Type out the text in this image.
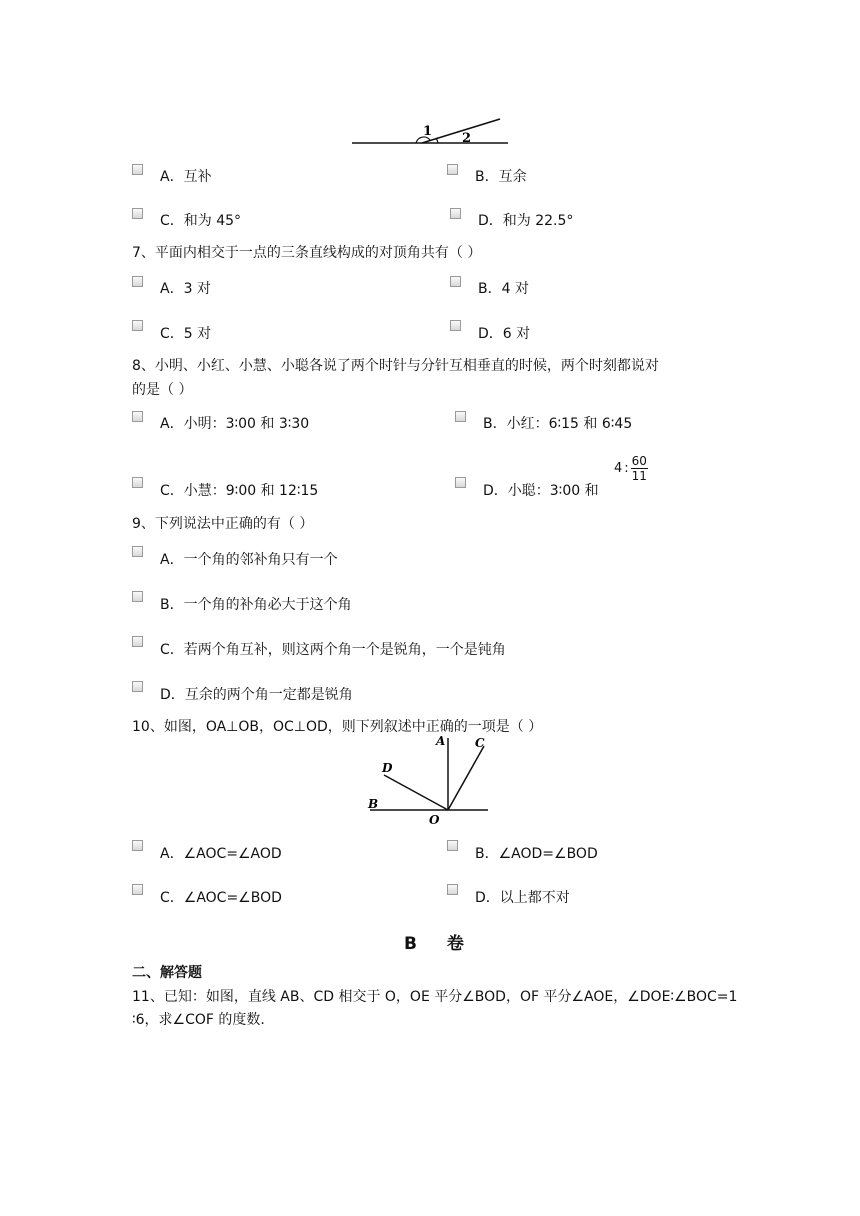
1 2
A．互补	B．互余
C．和为 45°	D．和为 22.5°
7、平面内相交于一点的三条直线构成的对顶角共有（ ）
A．3 对	B．4 对
C．5 对	D．6 对
8、小明、小红、小慧、小聪各说了两个时针与分针互相垂直的时候，两个时刻都说对
的是（ ）
A．小明：3∶00 和 3∶30	B．小红：6∶15 和 6∶45
C．小慧：9∶00 和 12∶15	D．小聪：3∶00 和
4 : $\frac{60}{11}$
9、下列说法中正确的有（ ）
A．一个角的邻补角只有一个
B．一个角的补角必大于这个角
C．若两个角互补，则这两个角一个是锐角，一个是钝角
D．互余的两个角一定都是锐角
10、如图，OA⊥OB，OC⊥OD，则下列叙述中正确的一项是（ ）
A C
D
B
O
A．∠AOC=∠AOD	B．∠AOD=∠BOD
C．∠AOC=∠BOD	D．以上都不对
B 卷
二、解答题
11、已知：如图，直线 AB、CD 相交于 O，OE 平分∠BOD，OF 平分∠AOE，∠DOE∶∠BOC=1
∶6，求∠COF 的度数.
